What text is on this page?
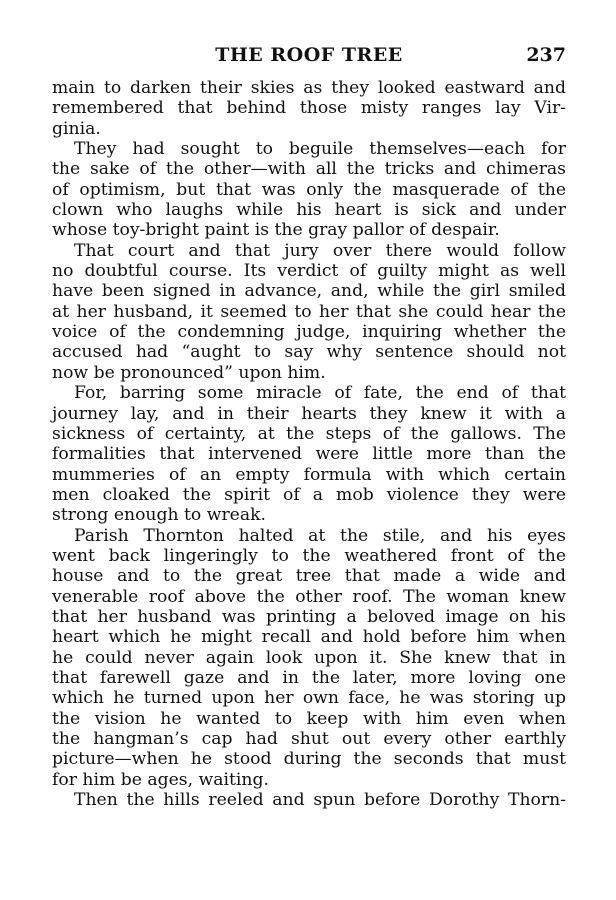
THE ROOF TREE	237
main to darken their skies as they looked eastward and
remembered that behind those misty ranges lay Vir-
ginia.
They had sought to beguile themselves—each for
the sake of the other—with all the tricks and chimeras
of optimism, but that was only the masquerade of the
clown who laughs while his heart is sick and under
whose toy-bright paint is the gray pallor of despair.
That court and that jury over there would follow
no doubtful course. Its verdict of guilty might as well
have been signed in advance, and, while the girl smiled
at her husband, it seemed to her that she could hear the
voice of the condemning judge, inquiring whether the
accused had “aught to say why sentence should not
now be pronounced” upon him.
For, barring some miracle of fate, the end of that
journey lay, and in their hearts they knew it with a
sickness of certainty, at the steps of the gallows. The
formalities that intervened were little more than the
mummeries of an empty formula with which certain
men cloaked the spirit of a mob violence they were
strong enough to wreak.
Parish Thornton halted at the stile, and his eyes
went back lingeringly to the weathered front of the
house and to the great tree that made a wide and
venerable roof above the other roof. The woman knew
that her husband was printing a beloved image on his
heart which he might recall and hold before him when
he could never again look upon it. She knew that in
that farewell gaze and in the later, more loving one
which he turned upon her own face, he was storing up
the vision he wanted to keep with him even when
the hangman’s cap had shut out every other earthly
picture—when he stood during the seconds that must
for him be ages, waiting.
Then the hills reeled and spun before Dorothy Thorn-
